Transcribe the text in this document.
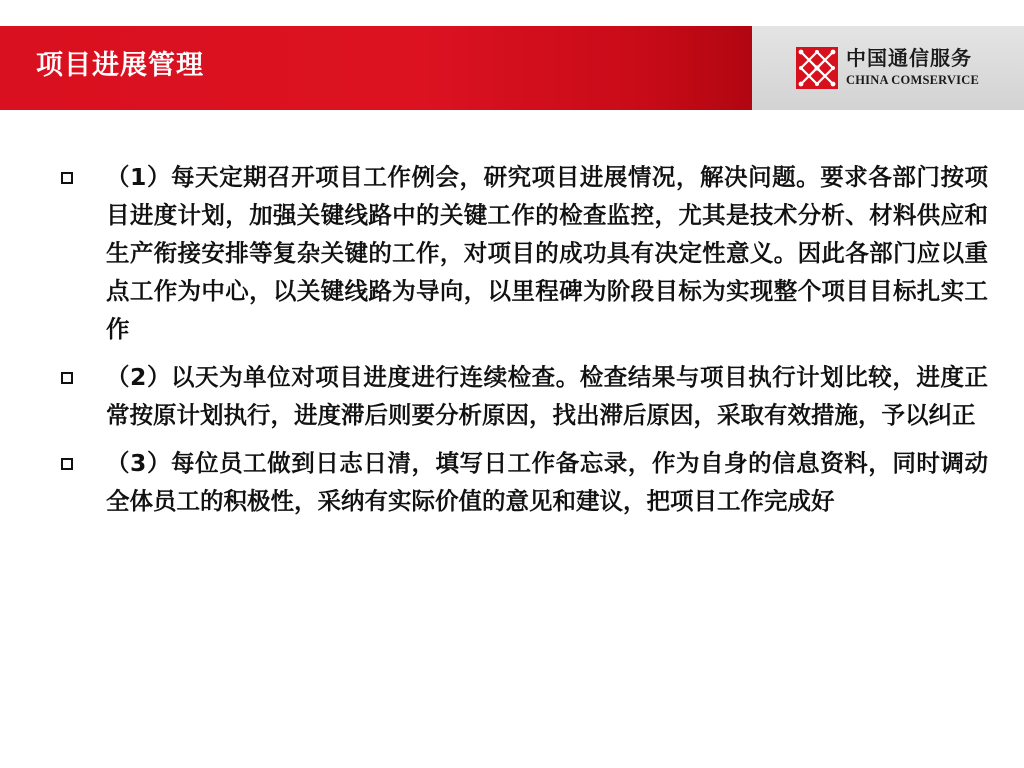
项目进展管理	中国通信服务
CHINA COMSERVICE

（1）每天定期召开项目工作例会，研究项目进展情况，解决问题。要求各部门按项目进度计划，加强关键线路中的关键工作的检查监控，尤其是技术分析、材料供应和生产衔接安排等复杂关键的工作，对项目的成功具有决定性意义。因此各部门应以重点工作为中心，以关键线路为导向，以里程碑为阶段目标为实现整个项目目标扎实工作

（2）以天为单位对项目进度进行连续检查。检查结果与项目执行计划比较，进度正常按原计划执行，进度滞后则要分析原因，找出滞后原因，采取有效措施，予以纠正

（3）每位员工做到日志日清，填写日工作备忘录，作为自身的信息资料，同时调动全体员工的积极性，采纳有实际价值的意见和建议，把项目工作完成好
